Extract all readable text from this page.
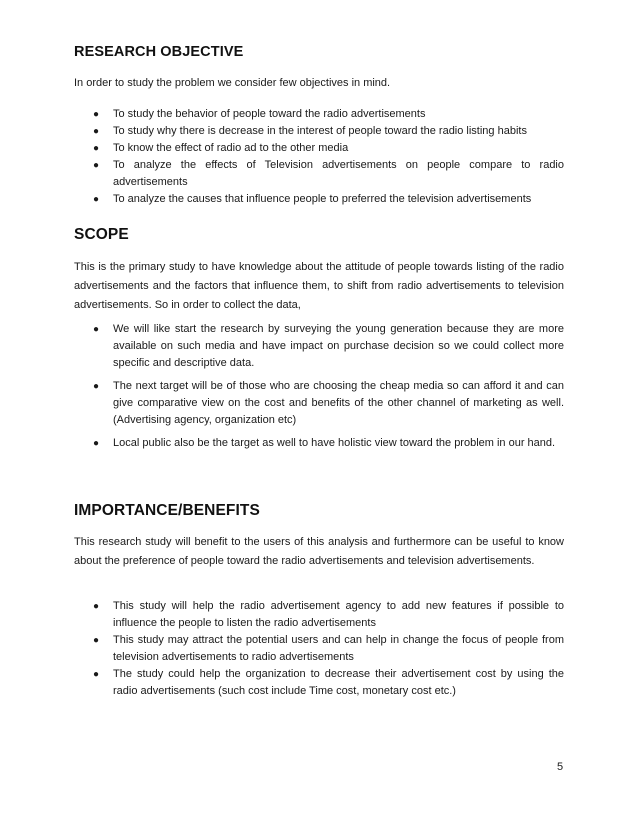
RESEARCH OBJECTIVE

In order to study the problem we consider few objectives in mind.

● To study the behavior of people toward the radio advertisements
● To study why there is decrease in the interest of people toward the radio listing habits
● To know the effect of radio ad to the other media
● To analyze the effects of Television advertisements on people compare to radio advertisements
● To analyze the causes that influence people to preferred the television advertisements
SCOPE

This is the primary study to have knowledge about the attitude of people towards listing of the radio advertisements and the factors that influence them, to shift from radio advertisements to television advertisements. So in order to collect the data,

● We will like start the research by surveying the young generation because they are more available on such media and have impact on purchase decision so we could collect more specific and descriptive data.
● The next target will be of those who are choosing the cheap media so can afford it and can give comparative view on the cost and benefits of the other channel of marketing as well. (Advertising agency, organization etc)
● Local public also be the target as well to have holistic view toward the problem in our hand.
IMPORTANCE/BENEFITS

This research study will benefit to the users of this analysis and furthermore can be useful to know about the preference of people toward the radio advertisements and television advertisements.

● This study will help the radio advertisement agency to add new features if possible to influence the people to listen the radio advertisements
● This study may attract the potential users and can help in change the focus of people from television advertisements to radio advertisements
● The study could help the organization to decrease their advertisement cost by using the radio advertisements (such cost include Time cost, monetary cost etc.)
5
